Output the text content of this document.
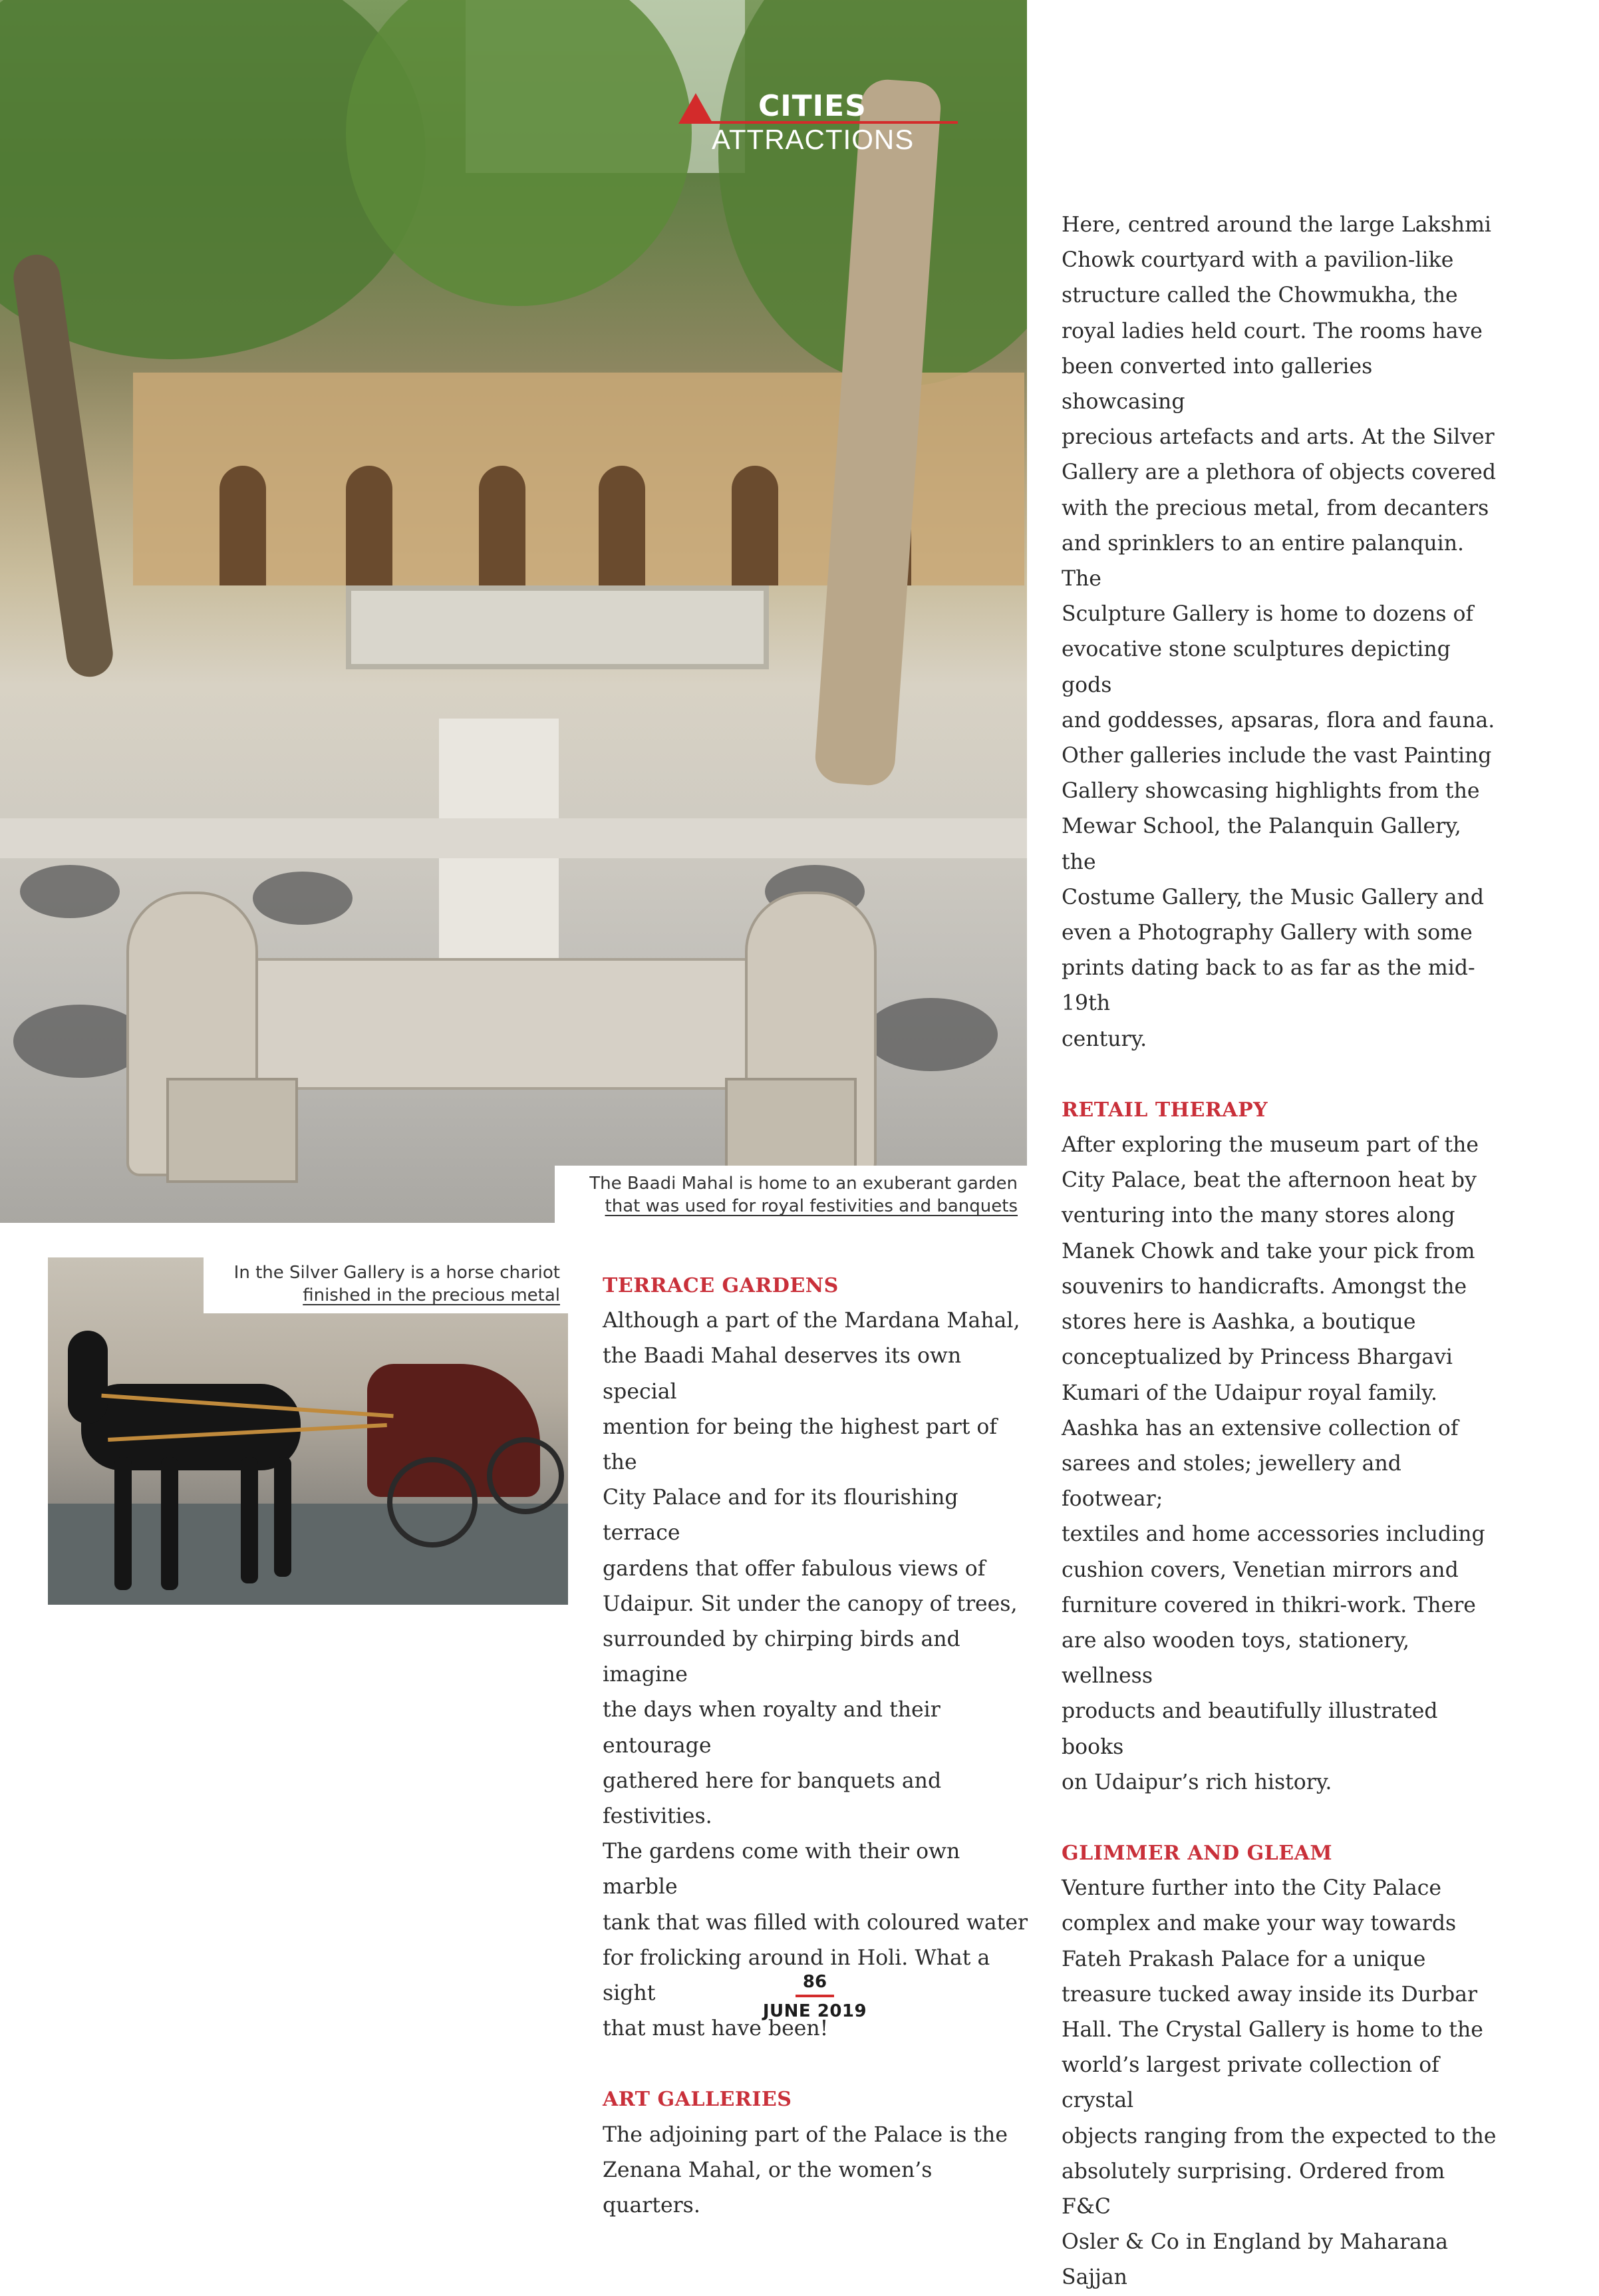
CITIES
ATTRACTIONS
The Baadi Mahal is home to an exuberant garden
that was used for royal festivities and banquets
In the Silver Gallery is a horse chariot
finished in the precious metal TERRACE GARDENS

Although a part of the Mardana Mahal,

the Baadi Mahal deserves its own special

mention for being the highest part of the

City Palace and for its flourishing terrace

gardens that offer fabulous views of

Udaipur. Sit under the canopy of trees,

surrounded by chirping birds and imagine

the days when royalty and their entourage

gathered here for banquets and festivities.

The gardens come with their own marble

tank that was filled with coloured water

for frolicking around in Holi. What a sight

that must have been!

ART GALLERIES

The adjoining part of the Palace is the

Zenana Mahal, or the women’s quarters.

Here, centred around the large Lakshmi

Chowk courtyard with a pavilion-like

structure called the Chowmukha, the

royal ladies held court. The rooms have

been converted into galleries showcasing

precious artefacts and arts. At the Silver

Gallery are a plethora of objects covered

with the precious metal, from decanters

and sprinklers to an entire palanquin. The

Sculpture Gallery is home to dozens of

evocative stone sculptures depicting gods

and goddesses, apsaras, flora and fauna.

Other galleries include the vast Painting

Gallery showcasing highlights from the

Mewar School, the Palanquin Gallery, the

Costume Gallery, the Music Gallery and

even a Photography Gallery with some

prints dating back to as far as the mid-19th

century.

RETAIL THERAPY

After exploring the museum part of the

City Palace, beat the afternoon heat by

venturing into the many stores along

Manek Chowk and take your pick from

souvenirs to handicrafts. Amongst the

stores here is Aashka, a boutique

conceptualized by Princess Bhargavi

Kumari of the Udaipur royal family.

Aashka has an extensive collection of

sarees and stoles; jewellery and footwear;

textiles and home accessories including

cushion covers, Venetian mirrors and

furniture covered in thikri-work. There

are also wooden toys, stationery, wellness

products and beautifully illustrated books

on Udaipur’s rich history.

GLIMMER AND GLEAM

Venture further into the City Palace

complex and make your way towards

Fateh Prakash Palace for a unique

treasure tucked away inside its Durbar

Hall. The Crystal Gallery is home to the

world’s largest private collection of crystal

objects ranging from the expected to the

absolutely surprising. Ordered from F&C

Osler & Co in England by Maharana Sajjan

86
JUNE 2019
